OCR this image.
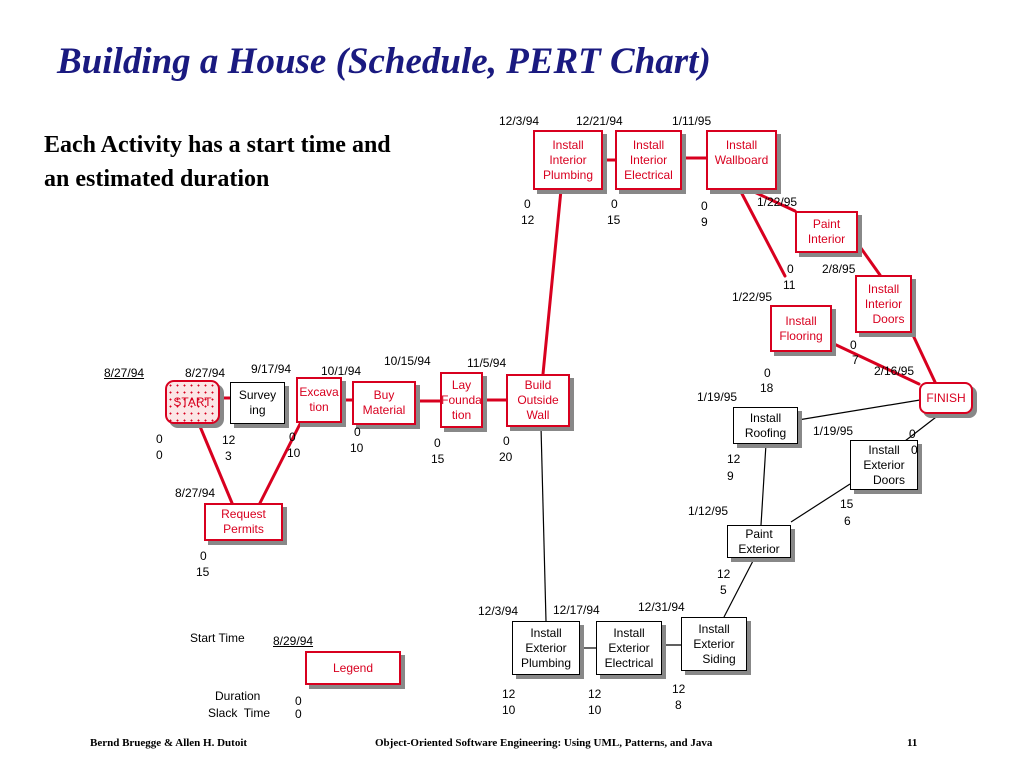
Building a House (Schedule, PERT Chart)
Each Activity has a start time and
an estimated duration
START Survey
ing
Excava
tion
Buy
Material
Lay
Founda
tion
Build
Outside
Wall
Request
Permits
Install
Interior
Plumbing
Install
Interior
Electrical
Install
Wallboard
Paint
Interior
Install
Flooring
Install
Interior
Doors
FINISH
Install
Roofing
Install
Exterior
Doors
Paint
Exterior
Install
Exterior
Plumbing
Install
Exterior
Electrical
Install
Exterior
Siding
8/27/94
0
0
8/27/94
12
3
9/17/94
0
10
10/1/94
0
10
10/15/94
0
15
11/5/94
0
20
8/27/94
0
15
12/3/94
0
12
12/21/94
0
15
1/11/95
0
9
1/22/95
0
11
2/8/95
0
7
1/22/95
0
18
2/16/95
0
0
1/19/95
12
9
1/19/95
15
6
1/12/95
12
5
12/3/94
12
10
12/17/94
12
10
12/31/94
12
8
Start Time 8/29/94
Legend
Duration
Slack  Time
0
0
Bernd Bruegge & Allen H. Dutoit	Object-Oriented Software Engineering: Using UML, Patterns, and Java	11
